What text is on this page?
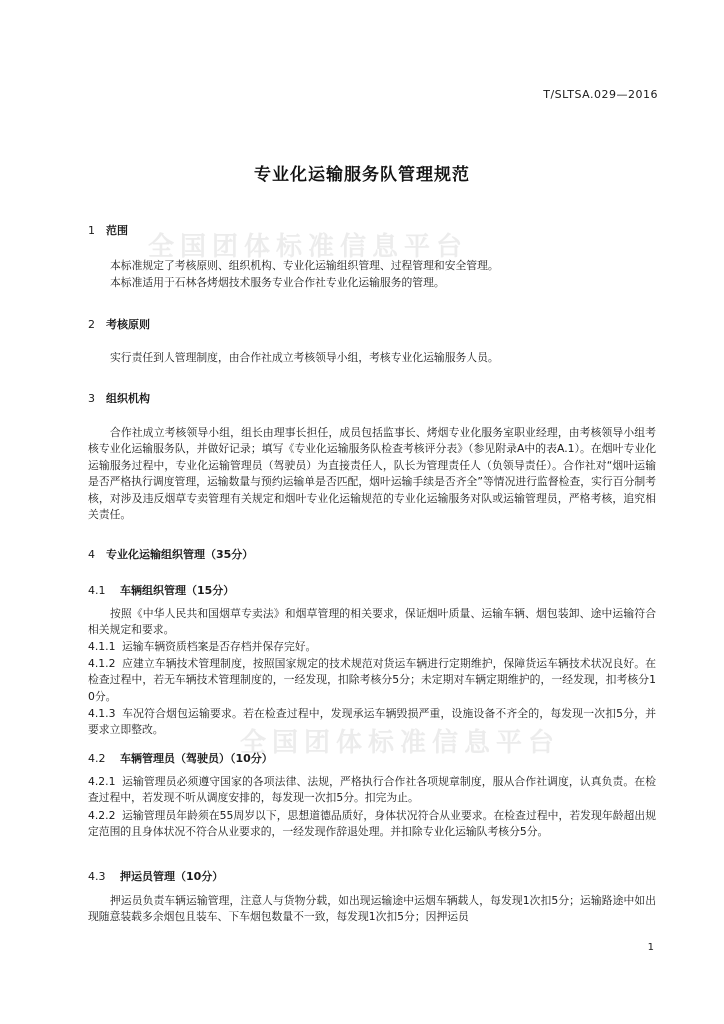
全国团体标准信息平台
全国团体标准信息平台
T/SLTSA.029—2016
专业化运输服务队管理规范
1 范围
本标准规定了考核原则、组织机构、专业化运输组织管理、过程管理和安全管理。
本标准适用于石林各烤烟技术服务专业合作社专业化运输服务的管理。
2 考核原则
实行责任到人管理制度，由合作社成立考核领导小组，考核专业化运输服务人员。
3 组织机构
合作社成立考核领导小组，组长由理事长担任，成员包括监事长、烤烟专业化服务室职业经理，由考核领导小组考核专业化运输服务队，并做好记录；填写《专业化运输服务队检查考核评分表》（参见附录A中的表A.1）。在烟叶专业化运输服务过程中，专业化运输管理员（驾驶员）为直接责任人，队长为管理责任人（负领导责任）。合作社对“烟叶运输是否严格执行调度管理，运输数量与预约运输单是否匹配，烟叶运输手续是否齐全”等情况进行监督检查，实行百分制考核，对涉及违反烟草专卖管理有关规定和烟叶专业化运输规范的专业化运输服务对队或运输管理员，严格考核，追究相关责任。
4 专业化运输组织管理（35分）
4.1 车辆组织管理（15分）
按照《中华人民共和国烟草专卖法》和烟草管理的相关要求，保证烟叶质量、运输车辆、烟包装卸、途中运输符合相关规定和要求。
4.1.1 运输车辆资质档案是否存档并保存完好。
4.1.2 应建立车辆技术管理制度，按照国家规定的技术规范对货运车辆进行定期维护，保障货运车辆技术状况良好。在检查过程中，若无车辆技术管理制度的，一经发现，扣除考核分5分；未定期对车辆定期维护的，一经发现，扣考核分10分。
4.1.3 车况符合烟包运输要求。若在检查过程中，发现承运车辆毁损严重，设施设备不齐全的，每发现一次扣5分，并要求立即整改。
4.2 车辆管理员（驾驶员）（10分）
4.2.1 运输管理员必须遵守国家的各项法律、法规，严格执行合作社各项规章制度，服从合作社调度，认真负责。在检查过程中，若发现不听从调度安排的，每发现一次扣5分。扣完为止。
4.2.2 运输管理员年龄须在55周岁以下，思想道德品质好，身体状况符合从业要求。在检查过程中，若发现年龄超出规定范围的且身体状况不符合从业要求的，一经发现作辞退处理。并扣除专业化运输队考核分5分。
4.3 押运员管理（10分）
押运员负责车辆运输管理，注意人与货物分载，如出现运输途中运烟车辆载人，每发现1次扣5分；运输路途中如出现随意装载多余烟包且装车、下车烟包数量不一致，每发现1次扣5分；因押运员
1
